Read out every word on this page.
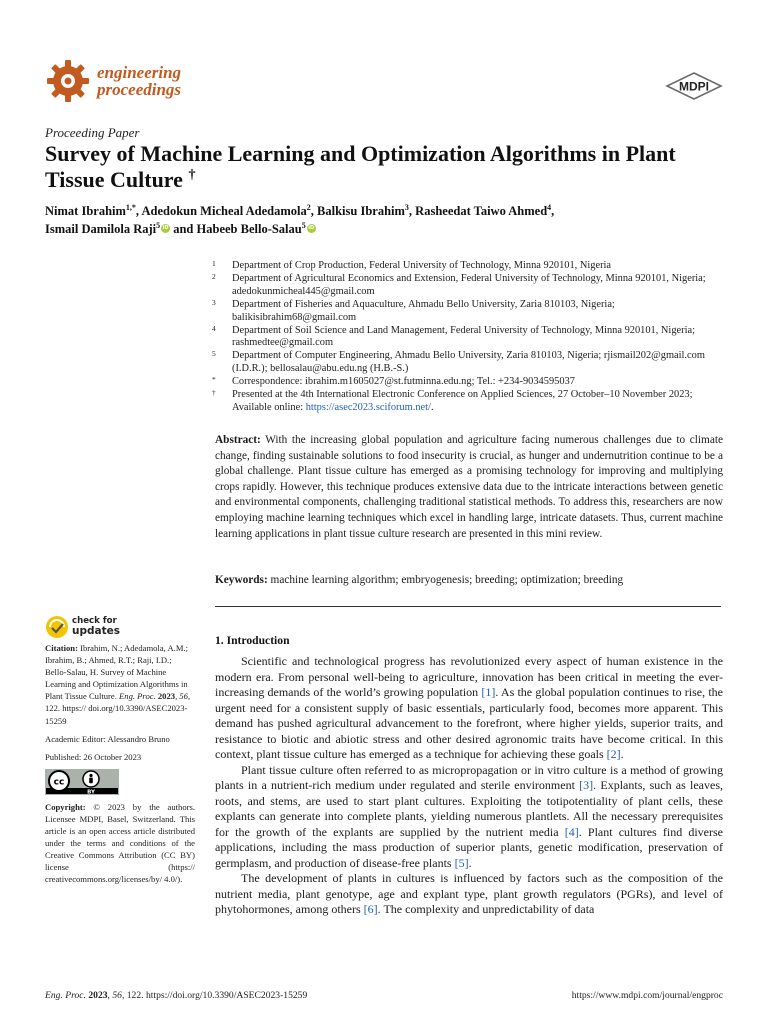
engineering
proceedings	MDPI
Proceeding Paper
Survey of Machine Learning and Optimization Algorithms in Plant Tissue Culture †
Nimat Ibrahim$^{1,*}$, Adedokun Micheal Adedamola$^2$, Balkisu Ibrahim$^3$, Rasheedat Taiwo Ahmed$^4$,
Ismail Damilola Raji$^5$iD and Habeeb Bello-Salau$^5$iD
1 Department of Crop Production, Federal University of Technology, Minna 920101, Nigeria
2 Department of Agricultural Economics and Extension, Federal University of Technology, Minna 920101, Nigeria; adedokunmicheal445@gmail.com
3 Department of Fisheries and Aquaculture, Ahmadu Bello University, Zaria 810103, Nigeria; balikisibrahim68@gmail.com
4 Department of Soil Science and Land Management, Federal University of Technology, Minna 920101, Nigeria; rashmedtee@gmail.com
5 Department of Computer Engineering, Ahmadu Bello University, Zaria 810103, Nigeria; rjismail202@gmail.com (I.D.R.); bellosalau@abu.edu.ng (H.B.-S.)
* Correspondence: ibrahim.m1605027@st.futminna.edu.ng; Tel.: +234-9034595037
† Presented at the 4th International Electronic Conference on Applied Sciences, 27 October–10 November 2023; Available online: https://asec2023.sciforum.net/.
Abstract: With the increasing global population and agriculture facing numerous challenges due to climate change, finding sustainable solutions to food insecurity is crucial, as hunger and undernutrition continue to be a global challenge. Plant tissue culture has emerged as a promising technology for improving and multiplying crops rapidly. However, this technique produces extensive data due to the intricate interactions between genetic and environmental components, challenging traditional statistical methods. To address this, researchers are now employing machine learning techniques which excel in handling large, intricate datasets. Thus, current machine learning applications in plant tissue culture research are presented in this mini review.
Keywords: machine learning algorithm; embryogenesis; breeding; optimization; breeding
check for
updates

Citation: Ibrahim, N.; Adedamola, A.M.; Ibrahim, B.; Ahmed, R.T.; Raji, I.D.; Bello-Salau, H. Survey of Machine Learning and Optimization Algorithms in Plant Tissue Culture. Eng. Proc. 2023, 56, 122. https:// doi.org/10.3390/ASEC2023-15259

Academic Editor: Alessandro Bruno

Published: 26 October 2023

cc
BY

Copyright: © 2023 by the authors. Licensee MDPI, Basel, Switzerland. This article is an open access article distributed under the terms and conditions of the Creative Commons Attribution (CC BY) license (https:// creativecommons.org/licenses/by/ 4.0/).

1. Introduction

Scientific and technological progress has revolutionized every aspect of human existence in the modern era. From personal well-being to agriculture, innovation has been critical in meeting the ever-increasing demands of the world’s growing population [1]. As the global population continues to rise, the urgent need for a consistent supply of basic essentials, particularly food, becomes more apparent. This demand has pushed agricultural advancement to the forefront, where higher yields, superior traits, and resistance to biotic and abiotic stress and other desired agronomic traits have become critical. In this context, plant tissue culture has emerged as a technique for achieving these goals [2].

Plant tissue culture often referred to as micropropagation or in vitro culture is a method of growing plants in a nutrient-rich medium under regulated and sterile environment [3]. Explants, such as leaves, roots, and stems, are used to start plant cultures. Exploiting the totipotentiality of plant cells, these explants can generate into complete plants, yielding numerous plantlets. All the necessary prerequisites for the growth of the explants are supplied by the nutrient media [4]. Plant cultures find diverse applications, including the mass production of superior plants, genetic modification, preservation of germplasm, and production of disease-free plants [5].

The development of plants in cultures is influenced by factors such as the composition of the nutrient media, plant genotype, age and explant type, plant growth regulators (PGRs), and level of phytohormones, among others [6]. The complexity and unpredictability of data

Eng. Proc. 2023, 56, 122. https://doi.org/10.3390/ASEC2023-15259	https://www.mdpi.com/journal/engproc
